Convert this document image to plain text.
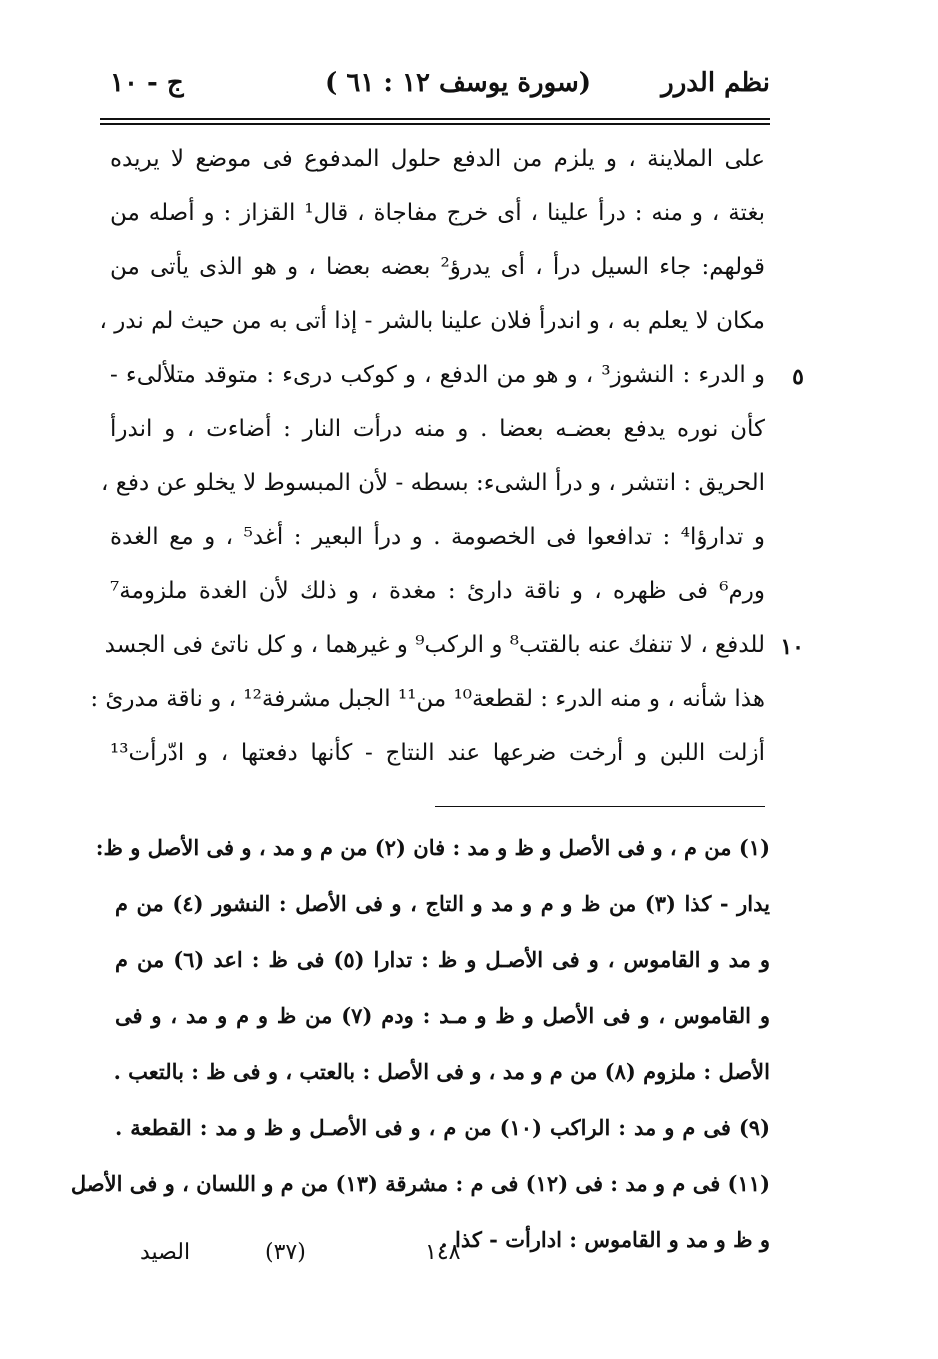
ج - ١٠	(سورة يوسف ١٢ : ٦١ )	نظم الدرر
على الملاينة ، و يلزم من الدفع حلول المدفوع فى موضع لا يريده
بغتة ، و منه : درأ علينا ، أى خرج مفاجاة ، قال¹ القزاز : و أصله من
قولهم: جاء السيل درأ ، أى يدرؤ² بعضه بعضا ، و هو الذى يأتى من
مكان لا يعلم به ، و اندرأ فلان علينا بالشر - إذا أتى به من حيث لم ندر ،
و الدرء : النشوز³ ، و هو من الدفع ، و كوكب درىء : متوقد متلألىء -
كأن نوره يدفع بعضـه بعضا . و منه درأت النار : أضاءت ، و اندرأ
الحريق : انتشر ، و درأ الشىء: بسطه - لأن المبسوط لا يخلو عن دفع ،
و تدارؤا⁴ : تدافعوا فى الخصومة . و درأ البعير : أغد⁵ ، و مع الغدة
ورم⁶ فى ظهره ، و ناقة دارئ : مغدة ، و ذلك لأن الغدة ملزومة⁷
للدفع ، لا تنفك عنه بالقتب⁸ و الركب⁹ و غيرهما ، و كل ناتئ فى الجسد
هذا شأنه ، و منه الدرء : لقطعة¹⁰ من¹¹ الجبل مشرفة¹² ، و ناقة مدرئ :
أزلت اللبن و أرخت ضرعها عند النتاج - كأنها دفعتها ، و ادّرأت¹³
٥
١٠
(١) من م ، و فى الأصل و ظ و مد : فان (٢) من م و مد ، و فى الأصل و ظ:
يدار - كذا (٣) من ظ و م و مد و التاج ، و فى الأصل : النشور (٤) من م
و مد و القاموس ، و فى الأصـل و ظ : تدارا (٥) فى ظ : اعد (٦) من م
و القاموس ، و فى الأصل و ظ و مـد : ودم (٧) من ظ و م و مد ، و فى
الأصل : ملزوم (٨) من م و مد ، و فى الأصل : بالعتب ، و فى ظ : بالتعب .
(٩) فى م و مد : الراكب (١٠) من م ، و فى الأصـل و ظ و مد : القطعة .
(١١) فى م و مد : فى (١٢) فى م : مشرقة (١٣) من م و اللسان ، و فى الأصل
و ظ و مد و القاموس : ادارأت - كذا .
الصيد	(٣٧)	١٤٨
